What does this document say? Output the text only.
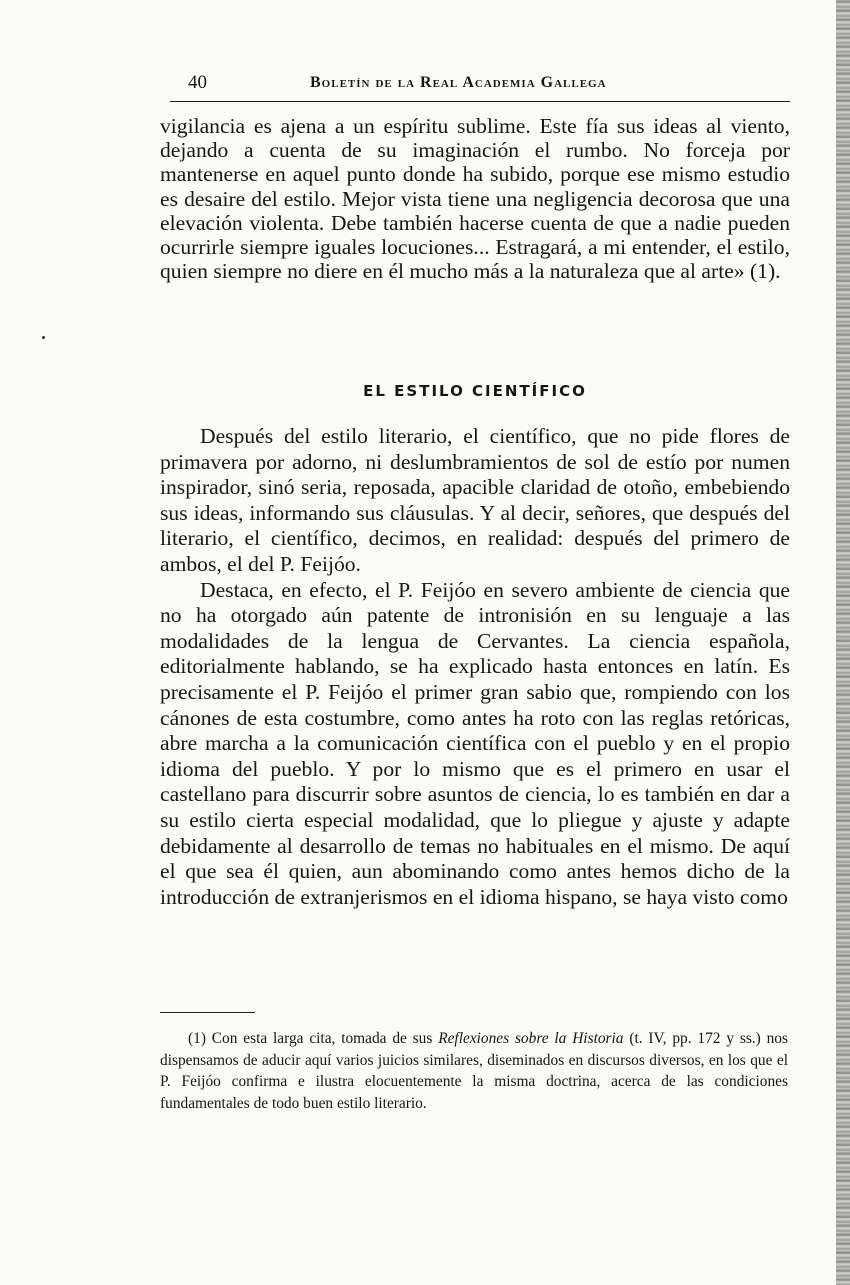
40	Boletín de la Real Academia Gallega

vigilancia es ajena a un espíritu sublime. Este fía sus ideas al viento, dejando a cuenta de su imaginación el rumbo. No forceja por mantenerse en aquel punto donde ha subido, porque ese mismo estudio es desaire del estilo. Mejor vista tiene una negligencia decorosa que una elevación violenta. Debe también hacerse cuenta de que a nadie pueden ocurrirle siempre iguales locuciones... Estragará, a mi entender, el estilo, quien siempre no diere en él mucho más a la naturaleza que al arte» (1).

EL ESTILO CIENTÍFICO

Después del estilo literario, el científico, que no pide flores de primavera por adorno, ni deslumbramientos de sol de estío por numen inspirador, sinó seria, reposada, apacible claridad de otoño, embebiendo sus ideas, informando sus cláusulas. Y al decir, señores, que después del literario, el científico, decimos, en realidad: después del primero de ambos, el del P. Feijóo.

Destaca, en efecto, el P. Feijóo en severo ambiente de ciencia que no ha otorgado aún patente de intronisión en su lenguaje a las modalidades de la lengua de Cervantes. La ciencia española, editorialmente hablando, se ha explicado hasta entonces en latín. Es precisamente el P. Feijóo el primer gran sabio que, rompiendo con los cánones de esta costumbre, como antes ha roto con las reglas retóricas, abre marcha a la comunicación científica con el pueblo y en el propio idioma del pueblo. Y por lo mismo que es el primero en usar el castellano para discurrir sobre asuntos de ciencia, lo es también en dar a su estilo cierta especial modalidad, que lo pliegue y ajuste y adapte debidamente al desarrollo de temas no habituales en el mismo. De aquí el que sea él quien, aun abominando como antes hemos dicho de la introducción de extranjerismos en el idioma hispano, se haya visto como

(1) Con esta larga cita, tomada de sus Reflexiones sobre la Historia (t. IV, pp. 172 y ss.) nos dispensamos de aducir aquí varios juicios similares, diseminados en discursos diversos, en los que el P. Feijóo confirma e ilustra elocuentemente la misma doctrina, acerca de las condiciones fundamentales de todo buen estilo literario.
